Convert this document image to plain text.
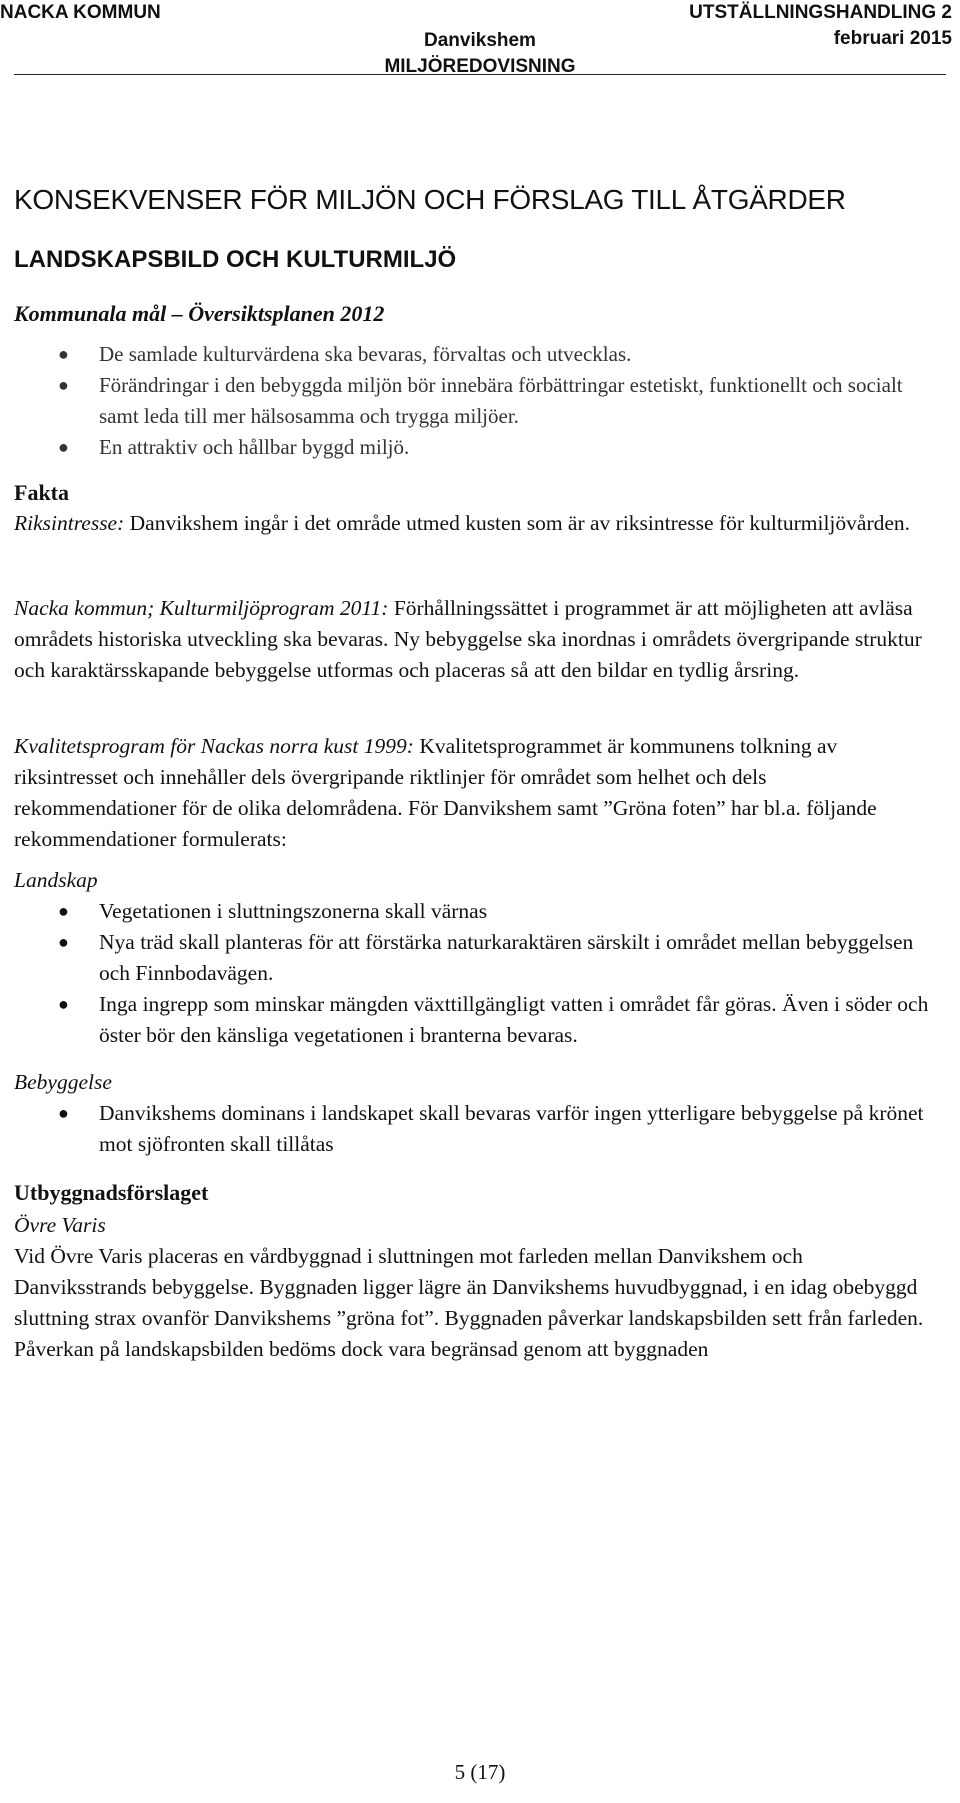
NACKA KOMMUN	UTSTÄLLNINGSHANDLING 2
februari 2015
Danvikshem
MILJÖREDOVISNING
KONSEKVENSER FÖR MILJÖN OCH FÖRSLAG TILL ÅTGÄRDER
LANDSKAPSBILD OCH KULTURMILJÖ
Kommunala mål – Översiktsplanen 2012
● De samlade kulturvärdena ska bevaras, förvaltas och utvecklas.
● Förändringar i den bebyggda miljön bör innebära förbättringar estetiskt, funktionellt och socialt samt leda till mer hälsosamma och trygga miljöer.
● En attraktiv och hållbar byggd miljö.
Fakta
Riksintresse: Danvikshem ingår i det område utmed kusten som är av riksintresse för kulturmiljövården.
Nacka kommun; Kulturmiljöprogram 2011: Förhållningssättet i programmet är att möjligheten att avläsa områdets historiska utveckling ska bevaras. Ny bebyggelse ska inordnas i områdets övergripande struktur och karaktärsskapande bebyggelse utformas och placeras så att den bildar en tydlig årsring.
Kvalitetsprogram för Nackas norra kust 1999: Kvalitetsprogrammet är kommunens tolkning av riksintresset och innehåller dels övergripande riktlinjer för området som helhet och dels rekommendationer för de olika delområdena. För Danvikshem samt ”Gröna foten” har bl.a. följande rekommendationer formulerats:
Landskap
● Vegetationen i sluttningszonerna skall värnas
● Nya träd skall planteras för att förstärka naturkaraktären särskilt i området mellan bebyggelsen och Finnbodavägen.
● Inga ingrepp som minskar mängden växttillgängligt vatten i området får göras. Även i söder och öster bör den känsliga vegetationen i branterna bevaras.
Bebyggelse
● Danvikshems dominans i landskapet skall bevaras varför ingen ytterligare bebyggelse på krönet mot sjöfronten skall tillåtas
Utbyggnadsförslaget
Övre Varis
Vid Övre Varis placeras en vårdbyggnad i sluttningen mot farleden mellan Danvikshem och Danviksstrands bebyggelse. Byggnaden ligger lägre än Danvikshems huvudbyggnad, i en idag obebyggd sluttning strax ovanför Danvikshems ”gröna fot”. Byggnaden påverkar landskapsbilden sett från farleden. Påverkan på landskapsbilden bedöms dock vara begränsad genom att byggnaden
5 (17)
